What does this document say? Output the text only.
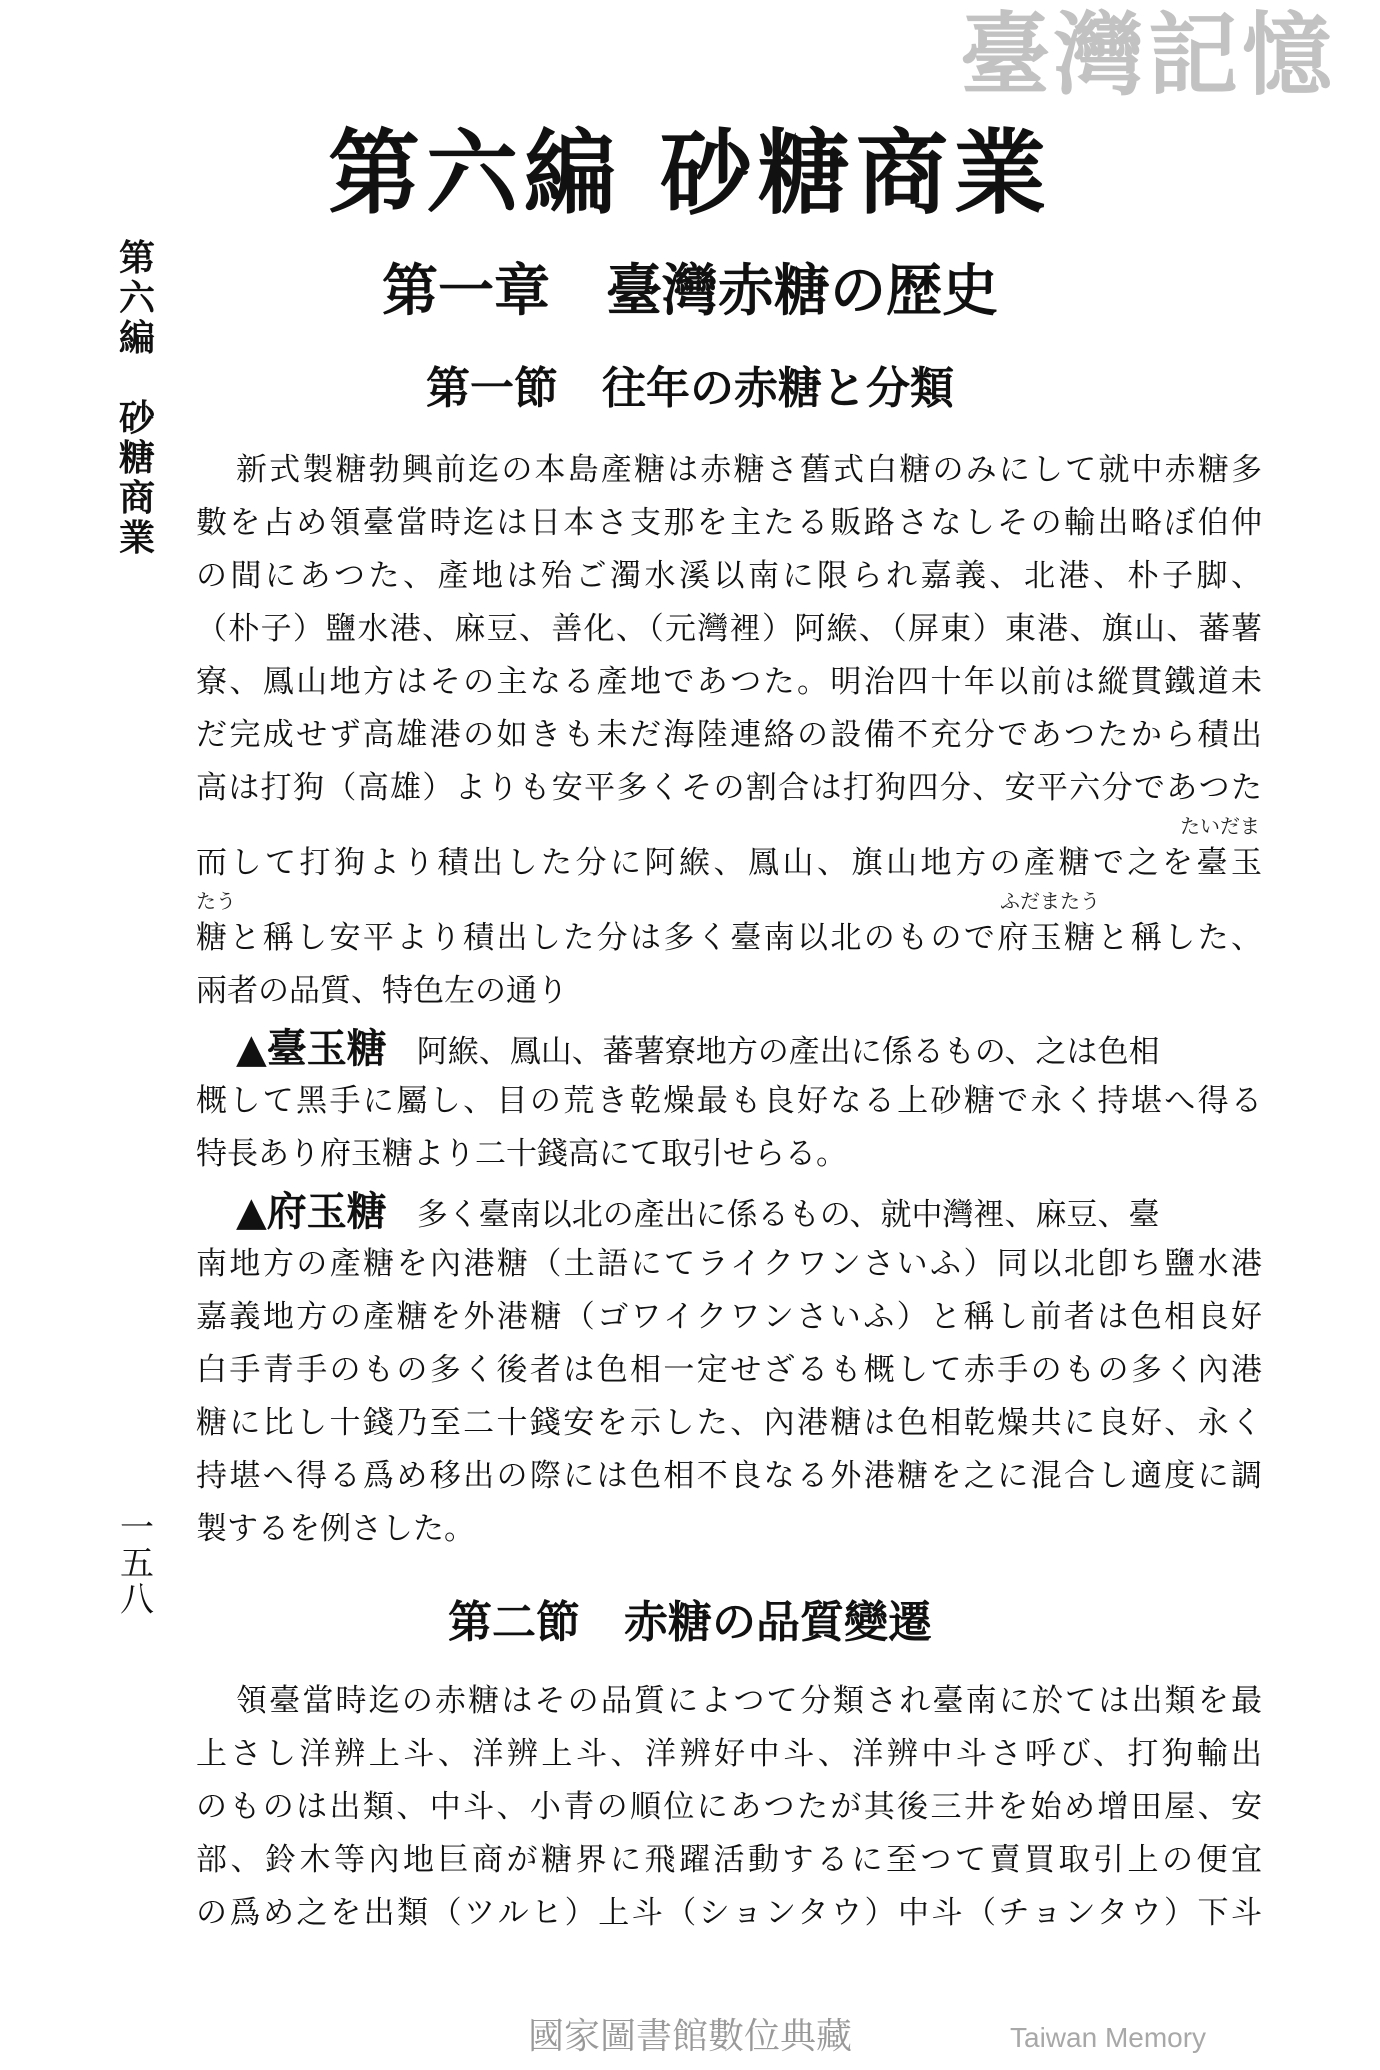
第六編 砂糖商業
第一章　臺灣赤糖の歴史
第一節　往年の赤糖と分類
第
六
編

砂
糖
商
業
一
五
八
新式製糖勃興前迄の本島產糖は赤糖さ舊式白糖のみにして就中赤糖多
數を占め領臺當時迄は日本さ支那を主たる販路さなしその輸出略ぼ伯仲
の間にあつた、產地は殆ご濁水溪以南に限られ嘉義、北港、朴子脚、
（朴子）鹽水港、麻豆、善化、（元灣裡）阿緱、（屏東）東港、旗山、蕃薯
寮、鳳山地方はその主なる產地であつた。明治四十年以前は縱貫鐵道未
だ完成せず高雄港の如きも未だ海陸連絡の設備不充分であつたから積出
高は打狗（高雄）よりも安平多くその割合は打狗四分、安平六分であつた
而して打狗より積出した分に阿緱、鳳山、旗山地方の產糖で之を臺玉
糖と稱し安平より積出した分は多く臺南以北のもので府玉糖と稱した、
兩者の品質、特色左の通り
▲臺玉糖 阿緱、鳳山、蕃薯寮地方の產出に係るもの、之は色相
概して黑手に屬し、目の荒き乾燥最も良好なる上砂糖で永く持堪へ得る
特長あり府玉糖より二十錢高にて取引せらる。
▲府玉糖 多く臺南以北の產出に係るもの、就中灣裡、麻豆、臺
南地方の產糖を內港糖（土語にてライクワンさいふ）同以北卽ち鹽水港
嘉義地方の產糖を外港糖（ゴワイクワンさいふ）と稱し前者は色相良好
白手青手のもの多く後者は色相一定せざるも概して赤手のもの多く內港
糖に比し十錢乃至二十錢安を示した、內港糖は色相乾燥共に良好、永く
持堪へ得る爲め移出の際には色相不良なる外港糖を之に混合し適度に調
製するを例さした。
たいだま
たう	ふだまたう
第二節　赤糖の品質變遷
領臺當時迄の赤糖はその品質によつて分類され臺南に於ては出類を最
上さし洋辨上斗、洋辨上斗、洋辨好中斗、洋辨中斗さ呼び、打狗輸出
のものは出類、中斗、小青の順位にあつたが其後三井を始め增田屋、安
部、鈴木等內地巨商が糖界に飛躍活動するに至つて賣買取引上の便宜
の爲め之を出類（ツルヒ）上斗（ションタウ）中斗（チョンタウ）下斗
臺灣記憶
Taiwan Memory
國家圖書館數位典藏
